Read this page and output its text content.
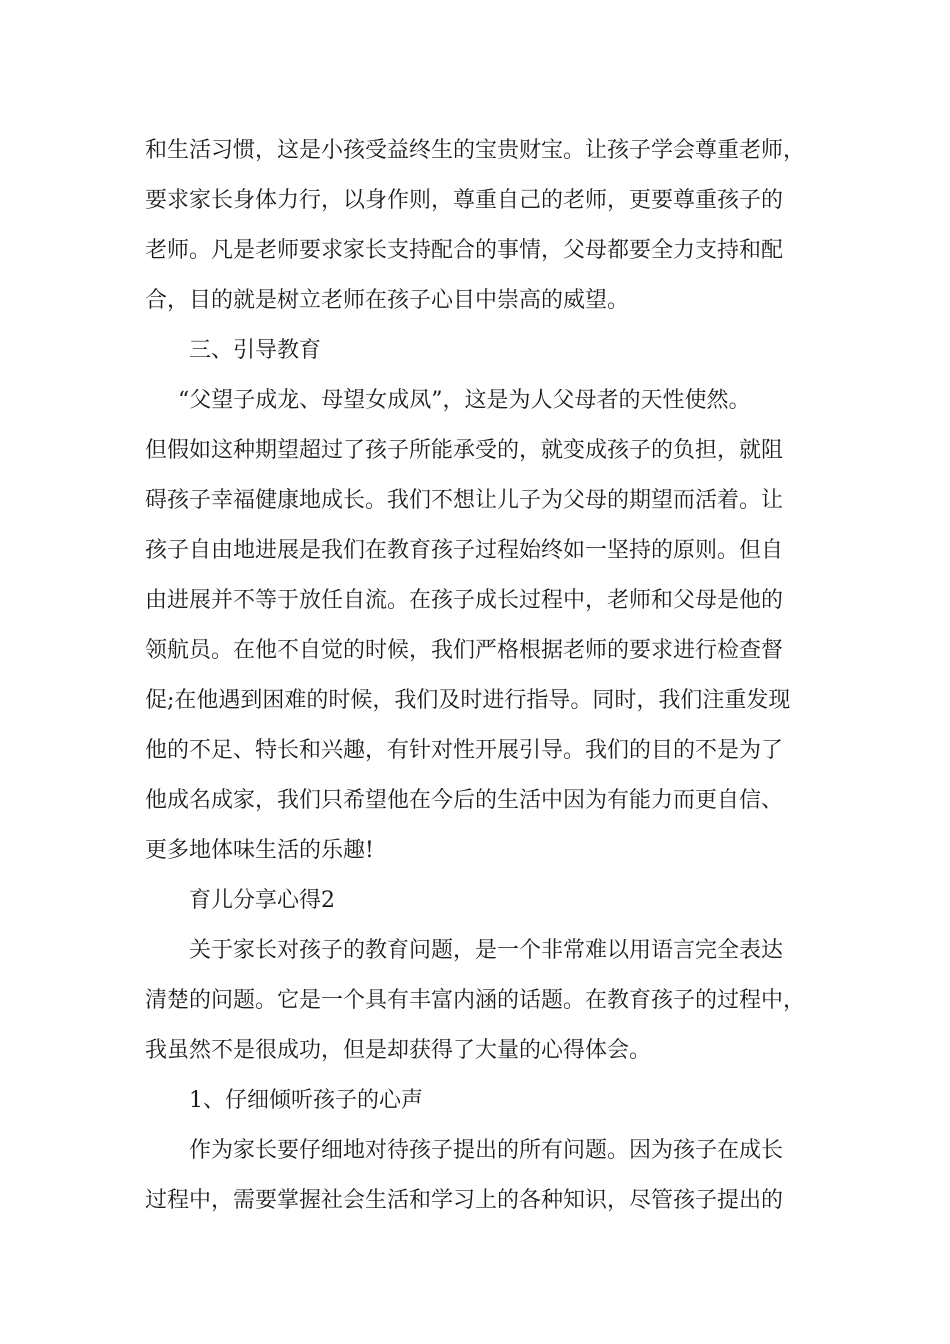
和生活习惯，这是小孩受益终生的宝贵财宝。让孩子学会尊重老师，
要求家长身体力行，以身作则，尊重自己的老师，更要尊重孩子的
老师。凡是老师要求家长支持配合的事情，父母都要全力支持和配
合，目的就是树立老师在孩子心目中崇高的威望。
三、引导教育
“父望子成龙、母望女成凤”，这是为人父母者的天性使然。
但假如这种期望超过了孩子所能承受的，就变成孩子的负担，就阻
碍孩子幸福健康地成长。我们不想让儿子为父母的期望而活着。让
孩子自由地进展是我们在教育孩子过程始终如一坚持的原则。但自
由进展并不等于放任自流。在孩子成长过程中，老师和父母是他的
领航员。在他不自觉的时候，我们严格根据老师的要求进行检查督
促;在他遇到困难的时候，我们及时进行指导。同时，我们注重发现
他的不足、特长和兴趣，有针对性开展引导。我们的目的不是为了
他成名成家，我们只希望他在今后的生活中因为有能力而更自信、
更多地体味生活的乐趣!
育儿分享心得2
关于家长对孩子的教育问题，是一个非常难以用语言完全表达
清楚的问题。它是一个具有丰富内涵的话题。在教育孩子的过程中，
我虽然不是很成功，但是却获得了大量的心得体会。
1、仔细倾听孩子的心声
作为家长要仔细地对待孩子提出的所有问题。因为孩子在成长
过程中，需要掌握社会生活和学习上的各种知识，尽管孩子提出的
